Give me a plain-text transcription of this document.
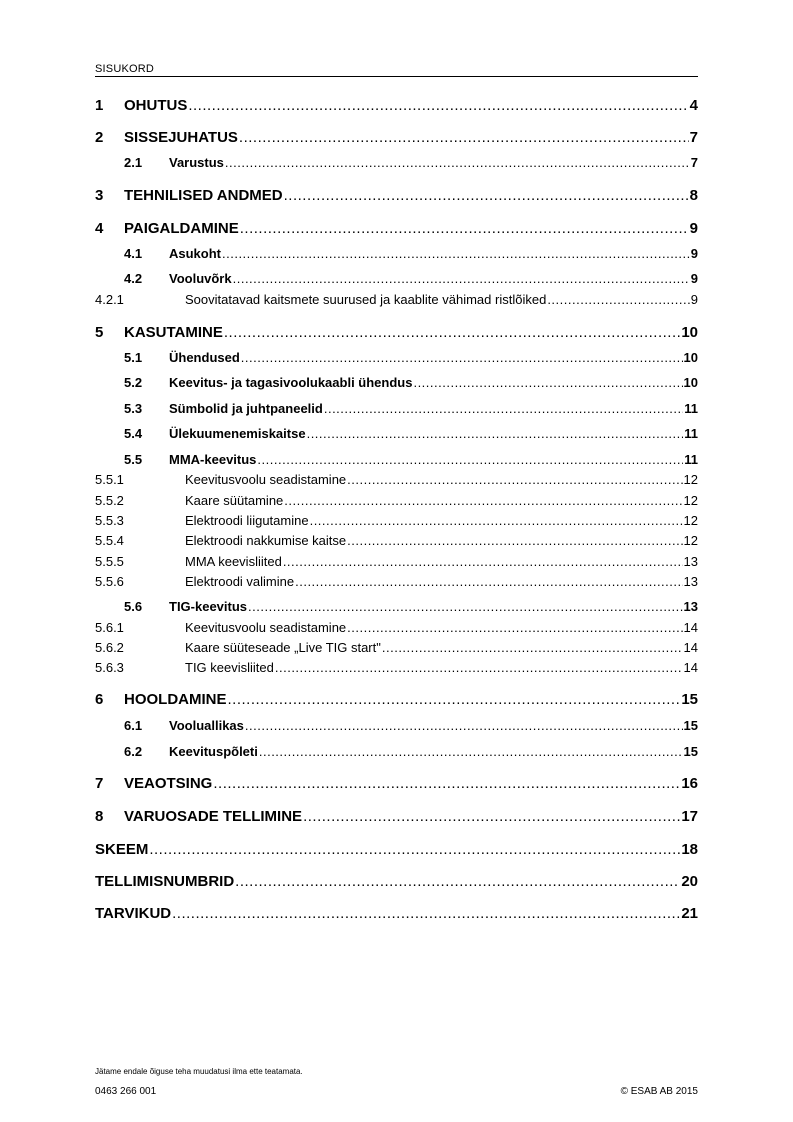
SISUKORD
1	OHUTUS .....	4
2	SISSEJUHATUS .....	7
2.1	Varustus .....	7
3	TEHNILISED ANDMED .....	8
4	PAIGALDAMINE .....	9
4.1	Asukoht .....	9
4.2	Vooluvõrk .....	9
4.2.1	Soovitatavad kaitsmete suurused ja kaablite vähimad ristlõiked .....	9
5	KASUTAMINE .....	10
5.1	Ühendused .....	10
5.2	Keevitus- ja tagasivoolukaabli ühendus .....	10
5.3	Sümbolid ja juhtpaneelid .....	11
5.4	Ülekuumenemiskaitse .....	11
5.5	MMA-keevitus .....	11
5.5.1	Keevitusvoolu seadistamine .....	12
5.5.2	Kaare süütamine .....	12
5.5.3	Elektroodi liigutamine .....	12
5.5.4	Elektroodi nakkumise kaitse .....	12
5.5.5	MMA keevisliited .....	13
5.5.6	Elektroodi valimine .....	13
5.6	TIG-keevitus .....	13
5.6.1	Keevitusvoolu seadistamine .....	14
5.6.2	Kaare süüteseade „Live TIG start" .....	14
5.6.3	TIG keevisliited .....	14
6	HOOLDAMINE .....	15
6.1	Vooluallikas .....	15
6.2	Keevituspõleti .....	15
7	VEAOTSING .....	16
8	VARUOSADE TELLIMINE .....	17
SKEEM .....	18
TELLIMISNUMBRID .....	20
TARVIKUD .....	21
Jätame endale õiguse teha muudatusi ilma ette teatamata.
0463 266 001	© ESAB AB 2015
